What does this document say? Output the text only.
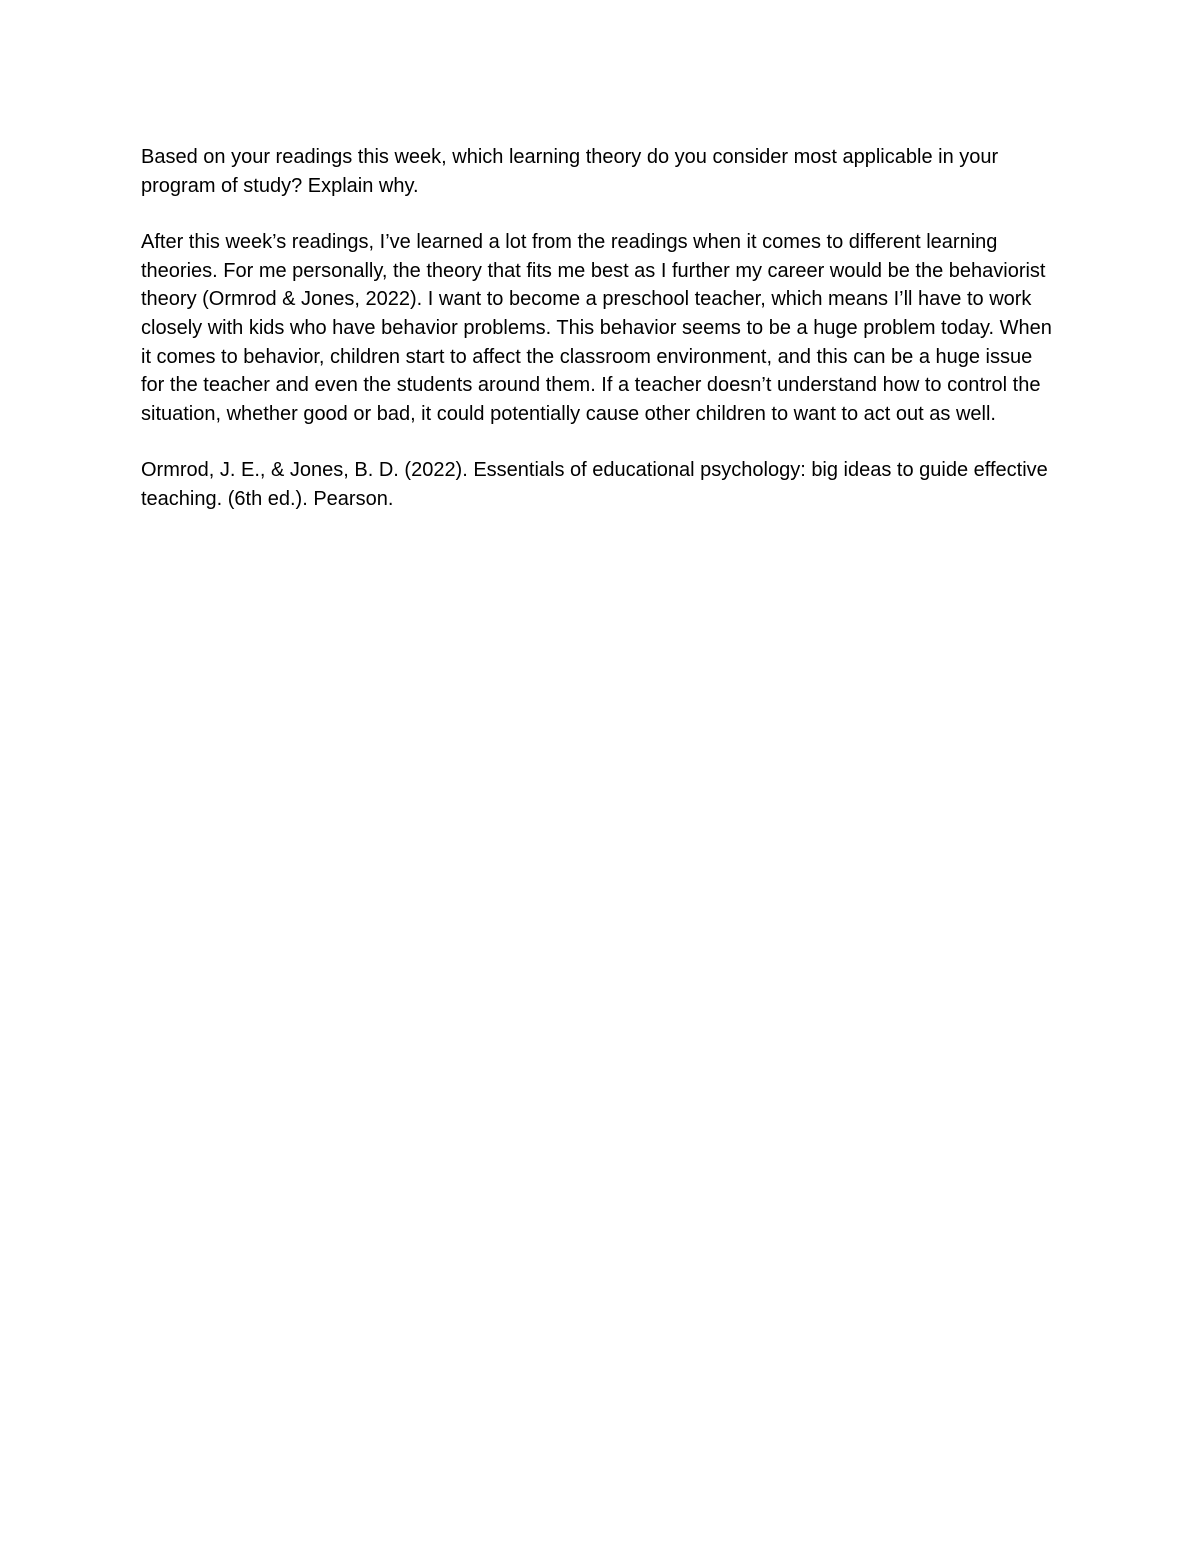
Based on your readings this week, which learning theory do you consider most applicable in your program of study? Explain why.

After this week’s readings, I’ve learned a lot from the readings when it comes to different learning theories. For me personally, the theory that fits me best as I further my career would be the behaviorist theory (Ormrod & Jones, 2022). I want to become a preschool teacher, which means I’ll have to work closely with kids who have behavior problems. This behavior seems to be a huge problem today. When it comes to behavior, children start to affect the classroom environment, and this can be a huge issue for the teacher and even the students around them. If a teacher doesn’t understand how to control the situation, whether good or bad, it could potentially cause other children to want to act out as well.

Ormrod, J. E., & Jones, B. D. (2022). Essentials of educational psychology: big ideas to guide effective teaching. (6th ed.). Pearson.
